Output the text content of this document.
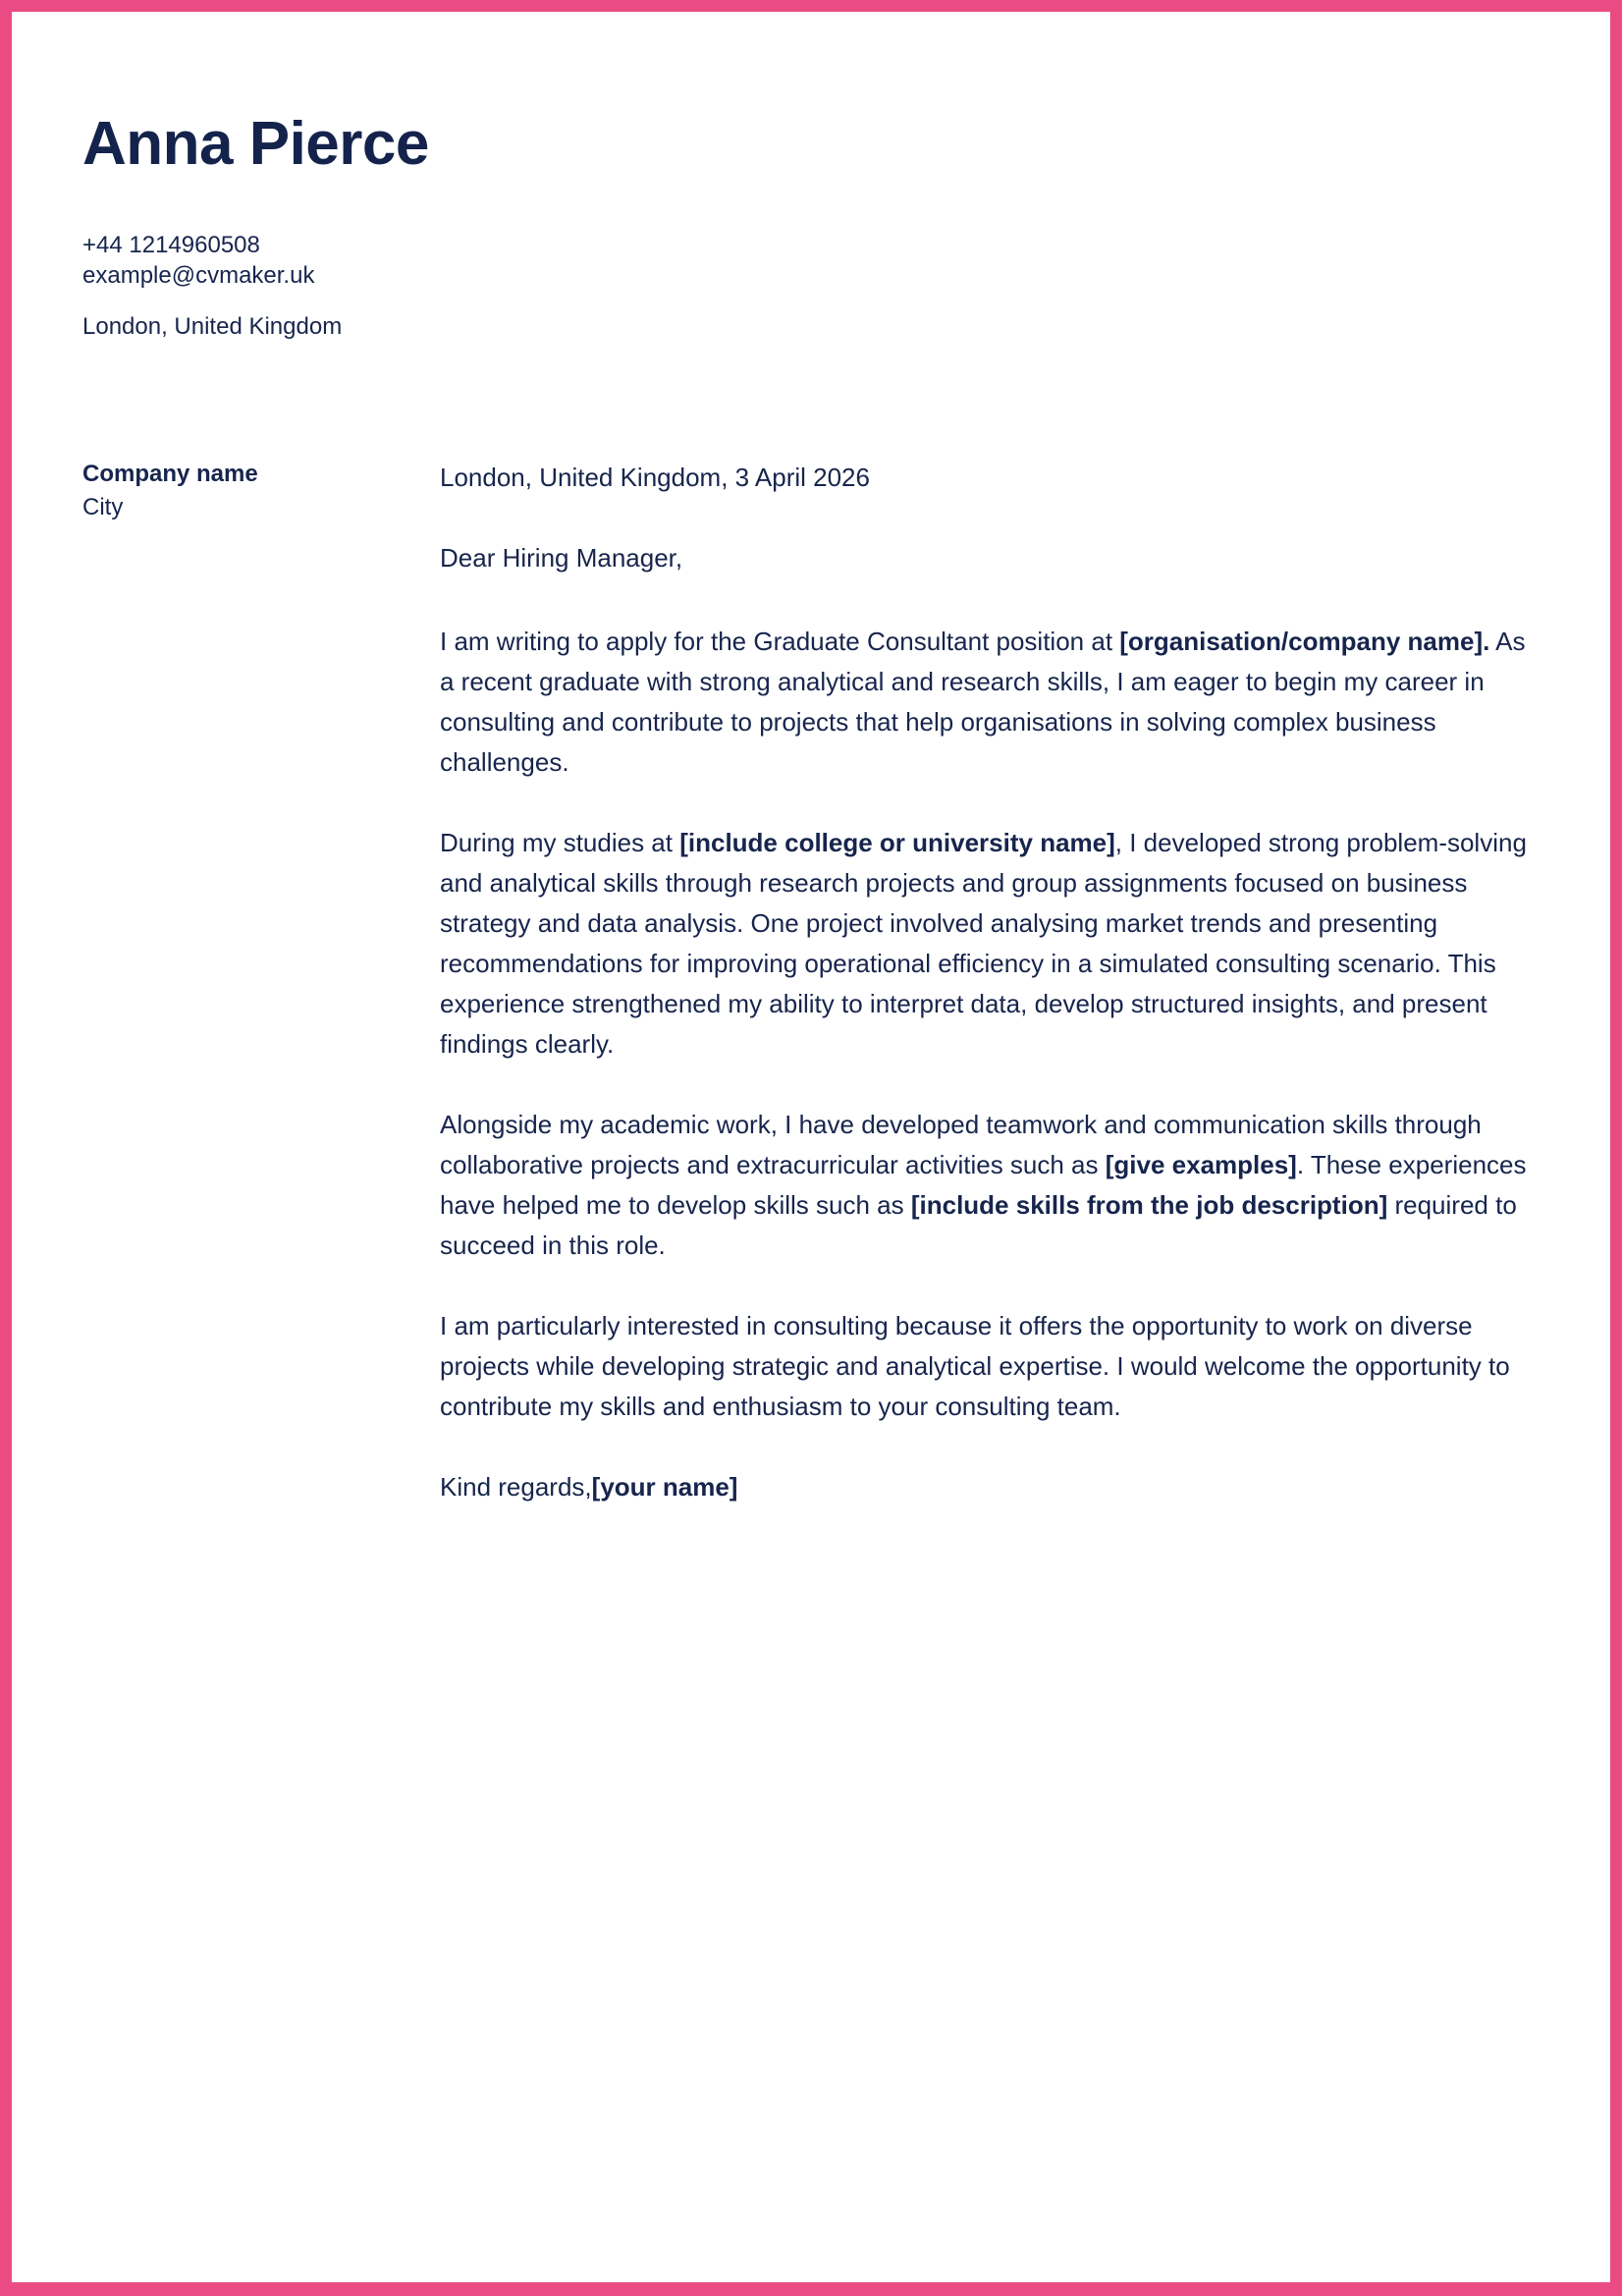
Anna Pierce
+44 1214960508
example@cvmaker.uk
London, United Kingdom
Company name
City

London, United Kingdom, 3 April 2026

Dear Hiring Manager,

I am writing to apply for the Graduate Consultant position at [organisation/company name]. As a recent graduate with strong analytical and research skills, I am eager to begin my career in consulting and contribute to projects that help organisations in solving complex business challenges.

During my studies at [include college or university name], I developed strong problem-solving and analytical skills through research projects and group assignments focused on business strategy and data analysis. One project involved analysing market trends and presenting recommendations for improving operational efficiency in a simulated consulting scenario. This experience strengthened my ability to interpret data, develop structured insights, and present findings clearly.

Alongside my academic work, I have developed teamwork and communication skills through collaborative projects and extracurricular activities such as [give examples]. These experiences have helped me to develop skills such as [include skills from the job description] required to succeed in this role.

I am particularly interested in consulting because it offers the opportunity to work on diverse projects while developing strategic and analytical expertise. I would welcome the opportunity to contribute my skills and enthusiasm to your consulting team.

Kind regards,[your name]
